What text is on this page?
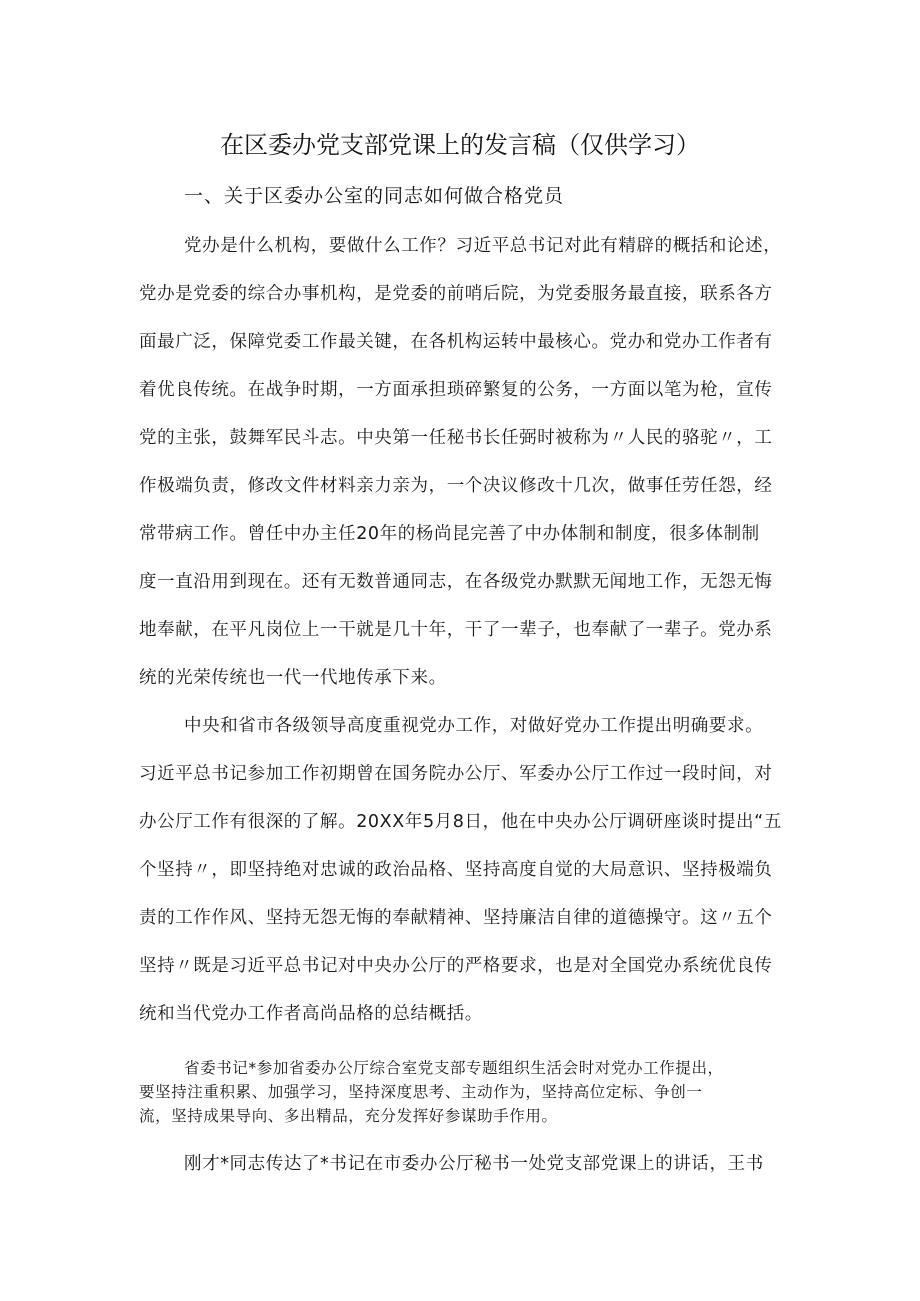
在区委办党支部党课上的发言稿（仅供学习）
一、关于区委办公室的同志如何做合格党员
党办是什么机构，要做什么工作？习近平总书记对此有精辟的概括和论述，
党办是党委的综合办事机构，是党委的前哨后院，为党委服务最直接，联系各方
面最广泛，保障党委工作最关键，在各机构运转中最核心。党办和党办工作者有
着优良传统。在战争时期，一方面承担琐碎繁复的公务，一方面以笔为枪，宣传
党的主张，鼓舞军民斗志。中央第一任秘书长任弼时被称为〃人民的骆驼〃，工
作极端负责，修改文件材料亲力亲为，一个决议修改十几次，做事任劳任怨，经
常带病工作。曾任中办主任20年的杨尚昆完善了中办体制和制度，很多体制制
度一直沿用到现在。还有无数普通同志，在各级党办默默无闻地工作，无怨无悔
地奉献，在平凡岗位上一干就是几十年，干了一辈子，也奉献了一辈子。党办系
统的光荣传统也一代一代地传承下来。
中央和省市各级领导高度重视党办工作，对做好党办工作提出明确要求。
习近平总书记参加工作初期曾在国务院办公厅、军委办公厅工作过一段时间，对
办公厅工作有很深的了解。20XX年5月8日，他在中央办公厅调研座谈时提出“五
个坚持〃，即坚持绝对忠诚的政治品格、坚持高度自觉的大局意识、坚持极端负
责的工作作风、坚持无怨无悔的奉献精神、坚持廉洁自律的道德操守。这〃五个
坚持〃既是习近平总书记对中央办公厅的严格要求，也是对全国党办系统优良传
统和当代党办工作者高尚品格的总结概括。
省委书记*参加省委办公厅综合室党支部专题组织生活会时对党办工作提出，
要坚持注重积累、加强学习，坚持深度思考、主动作为，坚持高位定标、争创一
流，坚持成果导向、多出精品，充分发挥好参谋助手作用。
刚才*同志传达了*书记在市委办公厅秘书一处党支部党课上的讲话，王书
